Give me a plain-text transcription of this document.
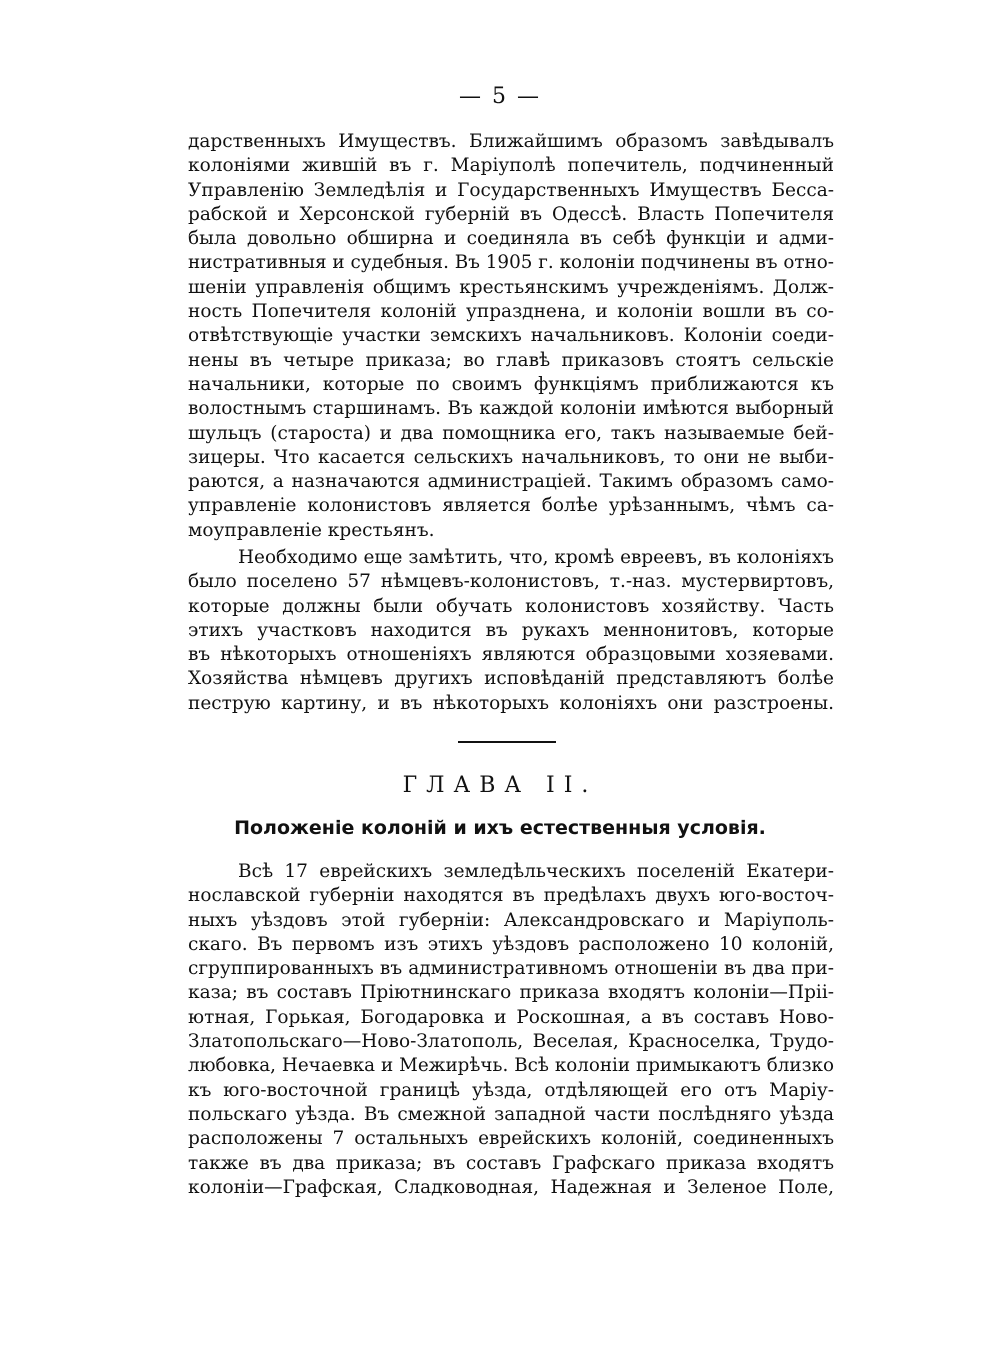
— 5 —
дарственныхъ Имуществъ. Ближайшимъ образомъ завѣдывалъ
колоніями жившій въ г. Маріуполѣ попечитель, подчиненный
Управленію Земледѣлія и Государственныхъ Имуществъ Бесса-
рабской и Херсонской губерній въ Одессѣ. Власть Попечителя
была довольно обширна и соединяла въ себѣ функціи и адми-
нистративныя и судебныя. Въ 1905 г. колоніи подчинены въ отно-
шеніи управленія общимъ крестьянскимъ учрежденіямъ. Долж-
ность Попечителя колоній упразднена, и колоніи вошли въ со-
отвѣтствующіе участки земскихъ начальниковъ. Колоніи соеди-
нены въ четыре приказа; во главѣ приказовъ стоятъ сельскіе
начальники, которые по своимъ функціямъ приближаются къ
волостнымъ старшинамъ. Въ каждой колоніи имѣются выборный
шульцъ (староста) и два помощника его, такъ называемые бей-
зицеры. Что касается сельскихъ начальниковъ, то они не выби-
раются, а назначаются администраціей. Такимъ образомъ само-
управленіе колонистовъ является болѣе урѣзаннымъ, чѣмъ са-
моуправленіе крестьянъ.
Необходимо еще замѣтить, что, кромѣ евреевъ, въ колоніяхъ
было поселено 57 нѣмцевъ-колонистовъ, т.-наз. мустервиртовъ,
которые должны были обучать колонистовъ хозяйству. Часть
этихъ участковъ находится въ рукахъ меннонитовъ, которые
въ нѣкоторыхъ отношеніяхъ являются образцовыми хозяевами.
Хозяйства нѣмцевъ другихъ исповѣданій представляютъ болѣе
пеструю картину, и въ нѣкоторыхъ колоніяхъ они разстроены.
ГЛАВА II.
Положеніе колоній и ихъ естественныя условія.
Всѣ 17 еврейскихъ земледѣльческихъ поселеній Екатери-
нославской губерніи находятся въ предѣлахъ двухъ юго-восточ-
ныхъ уѣздовъ этой губерніи: Александровскаго и Маріуполь-
скаго. Въ первомъ изъ этихъ уѣздовъ расположено 10 колоній,
сгруппированныхъ въ административномъ отношеніи въ два при-
каза; въ составъ Пріютнинскаго приказа входятъ колоніи—Пріі-
ютная, Горькая, Богодаровка и Роскошная, а въ составъ Ново-
Златопольскаго—Ново-Златополь, Веселая, Красноселка, Трудо-
любовка, Нечаевка и Межирѣчь. Всѣ колоніи примыкаютъ близко
къ юго-восточной границѣ уѣзда, отдѣляющей его отъ Маріу-
польскаго уѣзда. Въ смежной западной части послѣдняго уѣзда
расположены 7 остальныхъ еврейскихъ колоній, соединенныхъ
также въ два приказа; въ составъ Графскаго приказа входятъ
колоніи—Графская, Сладководная, Надежная и Зеленое Поле,
